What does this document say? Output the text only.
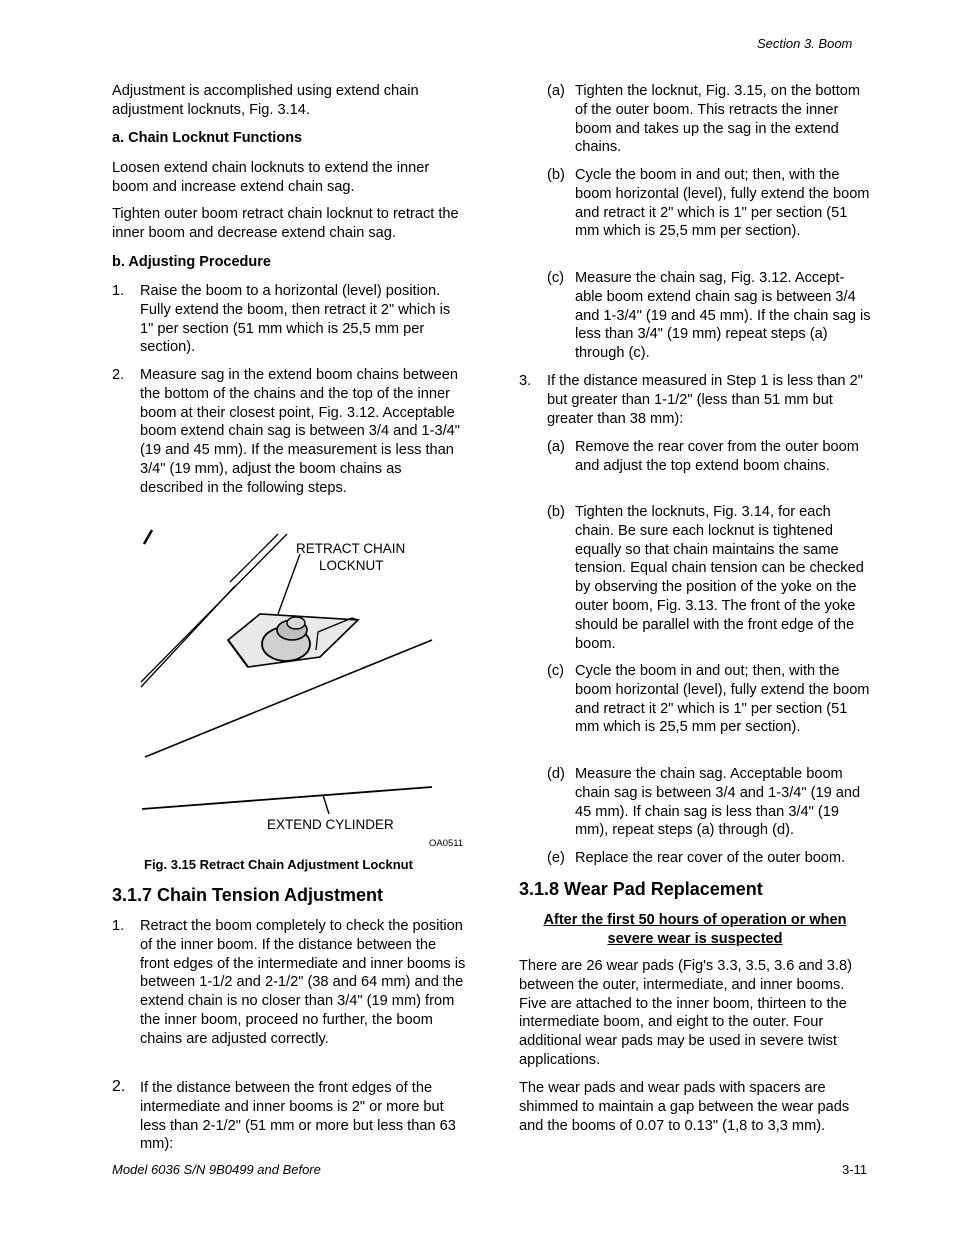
Section 3. Boom

Adjustment is accomplished using extend chain adjustment locknuts, Fig. 3.14.

a. Chain Locknut Functions

Loosen extend chain locknuts to extend the inner boom and increase extend chain sag.

Tighten outer boom retract chain locknut to retract the inner boom and decrease extend chain sag.

b. Adjusting Procedure
1. Raise the boom to a horizontal (level) position. Fully extend the boom, then retract it 2" which is 1" per section (51 mm which is 25,5 mm per section).

2. Measure sag in the extend boom chains between the bottom of the chains and the top of the inner boom at their closest point, Fig. 3.12. Acceptable boom extend chain sag is between 3/4 and 1-3/4" (19 and 45 mm). If the measurement is less than 3/4" (19 mm), adjust the boom chains as described in the following steps.

RETRACT CHAIN
LOCKNUT
EXTEND CYLINDER
OA0511
Fig. 3.15 Retract Chain Adjustment Locknut
3.1.7 Chain Tension Adjustment
1. Retract the boom completely to check the position of the inner boom. If the distance between the front edges of the intermediate and inner booms is between 1-1/2 and 2-1/2" (38 and 64 mm) and the extend chain is no closer than 3/4" (19 mm) from the inner boom, proceed no further, the boom chains are adjusted correctly.

2. If the distance between the front edges of the intermediate and inner booms is 2" or more but less than 2-1/2" (51 mm or more but less than 63 mm):

(a) Tighten the locknut, Fig. 3.15, on the bottom of the outer boom. This retracts the inner boom and takes up the sag in the extend chains.

(b) Cycle the boom in and out; then, with the boom horizontal (level), fully extend the boom and retract it 2" which is 1" per section (51 mm which is 25,5 mm per section).

(c) Measure the chain sag, Fig. 3.12. Accept-able boom extend chain sag is between 3/4 and 1-3/4" (19 and 45 mm). If the chain sag is less than 3/4" (19 mm) repeat steps (a) through (c).

3. If the distance measured in Step 1 is less than 2" but greater than 1-1/2" (less than 51 mm but greater than 38 mm):

(a) Remove the rear cover from the outer boom and adjust the top extend boom chains.

(b) Tighten the locknuts, Fig. 3.14, for each chain. Be sure each locknut is tightened equally so that chain maintains the same tension. Equal chain tension can be checked by observing the position of the yoke on the outer boom, Fig. 3.13. The front of the yoke should be parallel with the front edge of the boom.

(c) Cycle the boom in and out; then, with the boom horizontal (level), fully extend the boom and retract it 2" which is 1" per section (51 mm which is 25,5 mm per section).

(d) Measure the chain sag. Acceptable boom chain sag is between 3/4 and 1-3/4" (19 and 45 mm). If chain sag is less than 3/4" (19 mm), repeat steps (a) through (d).

(e) Replace the rear cover of the outer boom.

3.1.8 Wear Pad Replacement
After the first 50 hours of operation or when
severe wear is suspected

There are 26 wear pads (Fig's 3.3, 3.5, 3.6 and 3.8) between the outer, intermediate, and inner booms. Five are attached to the inner boom, thirteen to the intermediate boom, and eight to the outer. Four additional wear pads may be used in severe twist applications.

The wear pads and wear pads with spacers are shimmed to maintain a gap between the wear pads and the booms of 0.07 to 0.13" (1,8 to 3,3 mm).

Model 6036 S/N 9B0499 and Before	3-11
